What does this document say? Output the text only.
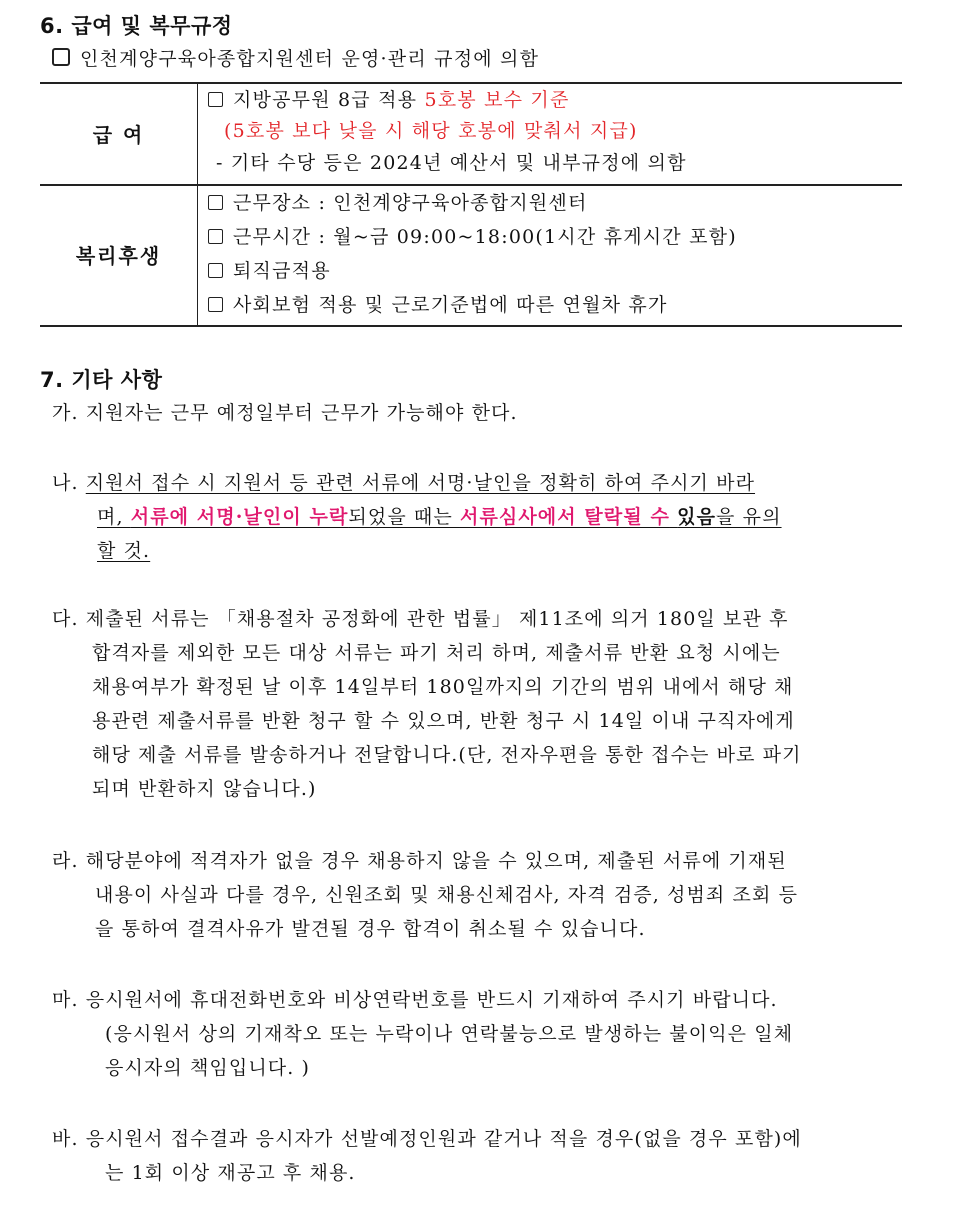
6. 급여 및 복무규정
인천계양구육아종합지원센터 운영·관리 규정에 의함
급 여	지방공무원 8급 적용 5호봉 보수 기준
(5호봉 보다 낮을 시 해당 호봉에 맞춰서 지급)
- 기타 수당 등은 2024년 예산서 및 내부규정에 의함

복리후생	근무장소 : 인천계양구육아종합지원센터
근무시간 : 월~금 09:00~18:00(1시간 휴게시간 포함)
퇴직금적용
사회보험 적용 및 근로기준법에 따른 연월차 휴가
7. 기타 사항
가. 지원자는 근무 예정일부터 근무가 가능해야 한다.
나. 지원서 접수 시 지원서 등 관련 서류에 서명·날인을 정확히 하여 주시기 바라
며, 서류에 서명·날인이 누락되었을 때는 서류심사에서 탈락될 수 있음을 유의
할 것.
다. 제출된 서류는 「채용절차 공정화에 관한 법률」 제11조에 의거 180일 보관 후
합격자를 제외한 모든 대상 서류는 파기 처리 하며, 제출서류 반환 요청 시에는
채용여부가 확정된 날 이후 14일부터 180일까지의 기간의 범위 내에서 해당 채
용관련 제출서류를 반환 청구 할 수 있으며, 반환 청구 시 14일 이내 구직자에게
해당 제출 서류를 발송하거나 전달합니다.(단, 전자우편을 통한 접수는 바로 파기
되며 반환하지 않습니다.)
라. 해당분야에 적격자가 없을 경우 채용하지 않을 수 있으며, 제출된 서류에 기재된
내용이 사실과 다를 경우, 신원조회 및 채용신체검사, 자격 검증, 성범죄 조회 등
을 통하여 결격사유가 발견될 경우 합격이 취소될 수 있습니다.
마. 응시원서에 휴대전화번호와 비상연락번호를 반드시 기재하여 주시기 바랍니다.
(응시원서 상의 기재착오 또는 누락이나 연락불능으로 발생하는 불이익은 일체
응시자의 책임입니다. )
바. 응시원서 접수결과 응시자가 선발예정인원과 같거나 적을 경우(없을 경우 포함)에
는 1회 이상 재공고 후 채용.
